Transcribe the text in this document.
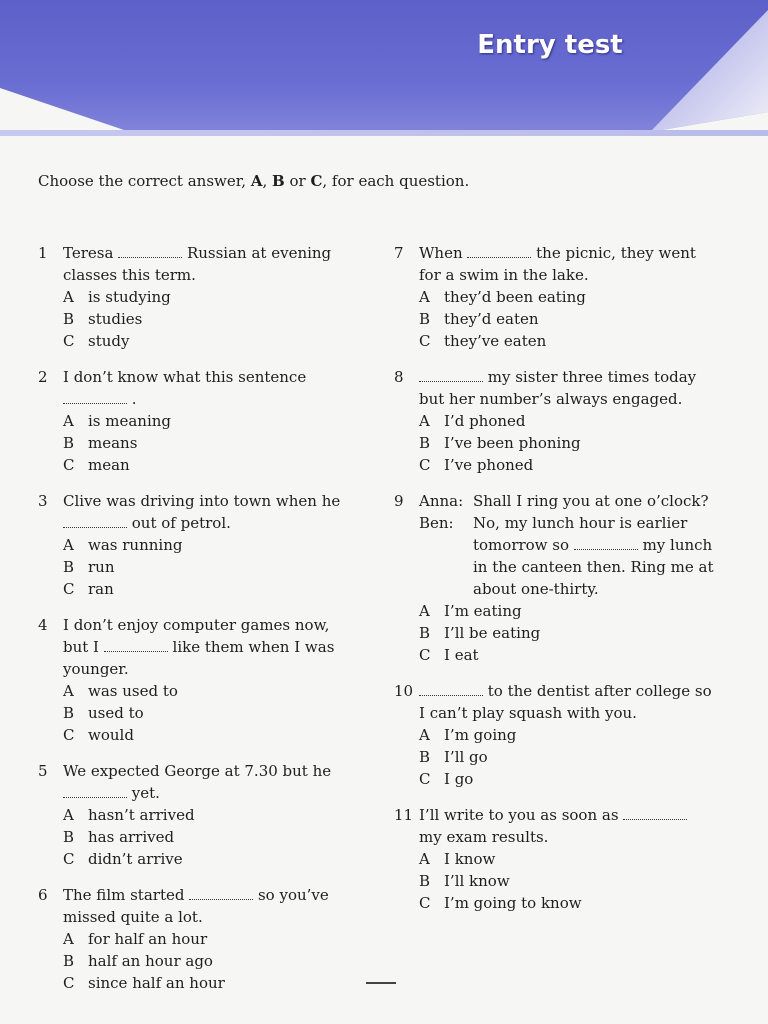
Entry test
Choose the correct answer, A, B or C, for each question.
1	Teresa	Russian at evening classes this term.
A is studying
B studies
C study
2	I don’t know what this sentence  .
A is meaning
B means
C mean
3	Clive was driving into town when he  out of petrol.
A was running
B run
C ran
4	I don’t enjoy computer games now, but I	like them when I was younger.
A was used to
B used to
C would
5	We expected George at 7.30 but he  yet.
A hasn’t arrived
B has arrived
C didn’t arrive
6	The film started	so you’ve missed quite a lot.
A for half an hour
B half an hour ago
C since half an hour
7	When	the picnic, they went for a swim in the lake.
A they’d been eating
B they’d eaten
C they’ve eaten
8	my sister three times today but her number’s always engaged.
A I’d phoned
B I’ve been phoning
C I’ve phoned
9	Anna: Shall I ring you at one o’clock?
Ben:	No, my lunch hour is earlier tomorrow so	my lunch in the canteen then. Ring me at about one-thirty.
A I’m eating
B I’ll be eating
C I eat
10	to the dentist after college so I can’t play squash with you.
A I’m going
B I’ll go
C I go
11 I’ll write to you as soon as  my exam results.
A I know
B I’ll know
C I’m going to know
